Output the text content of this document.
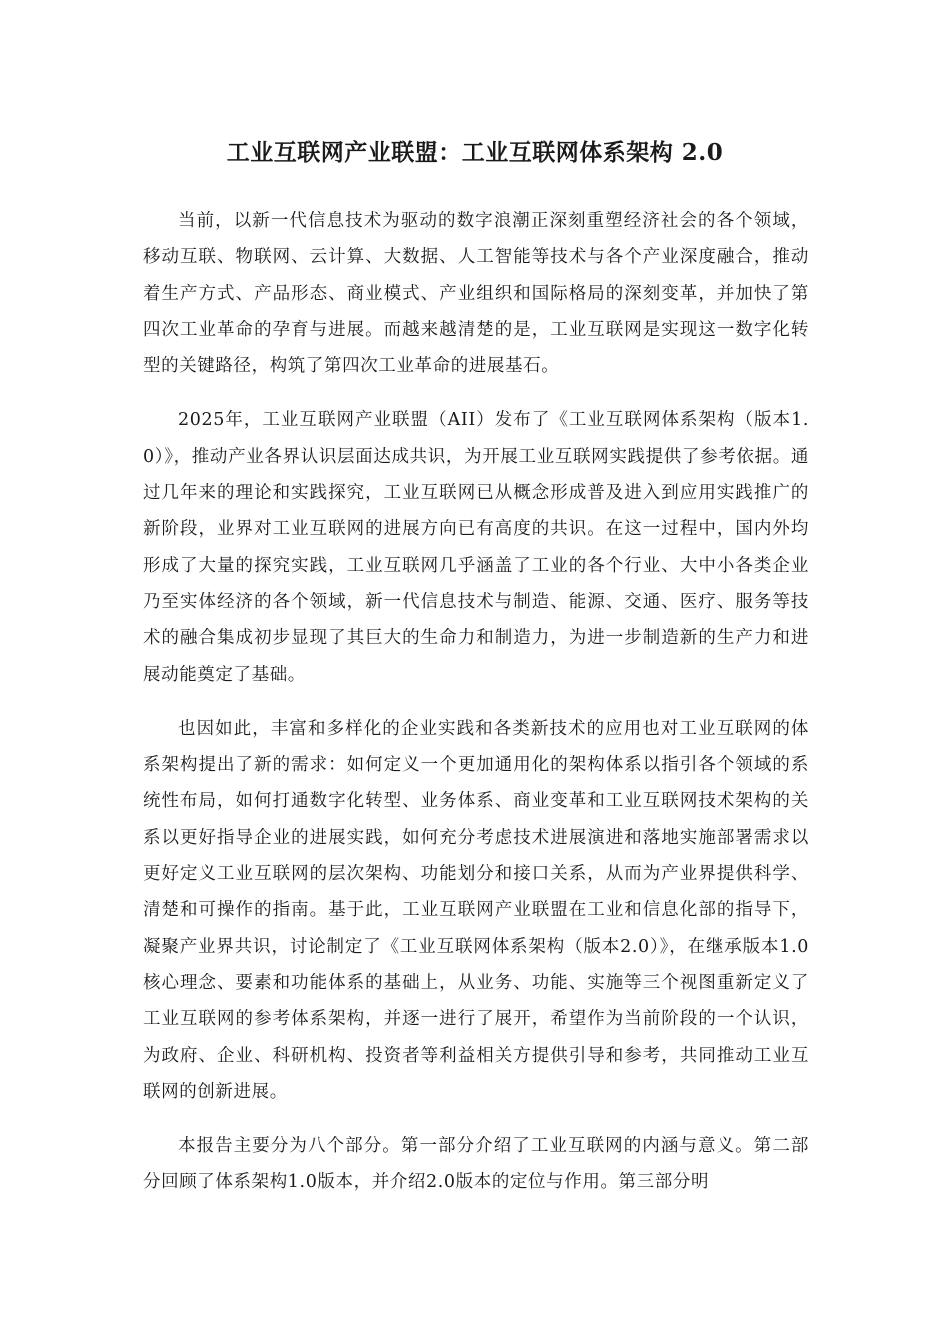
工业互联网产业联盟：工业互联网体系架构 2.0

当前，以新一代信息技术为驱动的数字浪潮正深刻重塑经济社会的各个领域，移动互联、物联网、云计算、大数据、人工智能等技术与各个产业深度融合，推动着生产方式、产品形态、商业模式、产业组织和国际格局的深刻变革，并加快了第四次工业革命的孕育与进展。而越来越清楚的是，工业互联网是实现这一数字化转型的关键路径，构筑了第四次工业革命的进展基石。

2025年，工业互联网产业联盟（AII）发布了《工业互联网体系架构（版本1.0）》，推动产业各界认识层面达成共识，为开展工业互联网实践提供了参考依据。通过几年来的理论和实践探究，工业互联网已从概念形成普及进入到应用实践推广的新阶段，业界对工业互联网的进展方向已有高度的共识。在这一过程中，国内外均形成了大量的探究实践，工业互联网几乎涵盖了工业的各个行业、大中小各类企业乃至实体经济的各个领域，新一代信息技术与制造、能源、交通、医疗、服务等技术的融合集成初步显现了其巨大的生命力和制造力，为进一步制造新的生产力和进展动能奠定了基础。

也因如此，丰富和多样化的企业实践和各类新技术的应用也对工业互联网的体系架构提出了新的需求：如何定义一个更加通用化的架构体系以指引各个领域的系统性布局，如何打通数字化转型、业务体系、商业变革和工业互联网技术架构的关系以更好指导企业的进展实践，如何充分考虑技术进展演进和落地实施部署需求以更好定义工业互联网的层次架构、功能划分和接口关系，从而为产业界提供科学、清楚和可操作的指南。基于此，工业互联网产业联盟在工业和信息化部的指导下，凝聚产业界共识，讨论制定了《工业互联网体系架构（版本2.0）》，在继承版本1.0核心理念、要素和功能体系的基础上，从业务、功能、实施等三个视图重新定义了工业互联网的参考体系架构，并逐一进行了展开，希望作为当前阶段的一个认识，为政府、企业、科研机构、投资者等利益相关方提供引导和参考，共同推动工业互联网的创新进展。

本报告主要分为八个部分。第一部分介绍了工业互联网的内涵与意义。第二部分回顾了体系架构1.0版本，并介绍2.0版本的定位与作用。第三部分明
